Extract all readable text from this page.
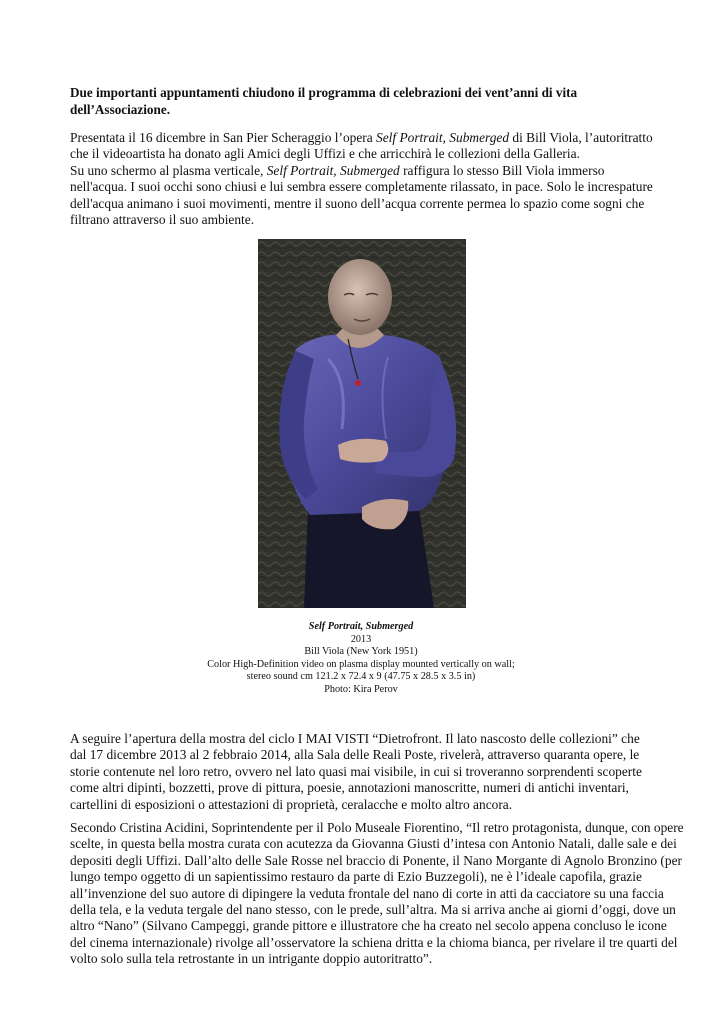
Due importanti appuntamenti chiudono il programma di celebrazioni dei vent’anni di vita
dell’Associazione.
Presentata il 16 dicembre in San Pier Scheraggio l’opera Self Portrait, Submerged di Bill Viola, l’autoritratto
che il videoartista ha donato agli Amici degli Uffizi e che arricchirà le collezioni della Galleria.
Su uno schermo al plasma verticale, Self Portrait, Submerged raffigura lo stesso Bill Viola immerso
nell'acqua. I suoi occhi sono chiusi e lui sembra essere completamente rilassato, in pace. Solo le increspature
dell'acqua animano i suoi movimenti, mentre il suono dell’acqua corrente permea lo spazio come sogni che
filtrano attraverso il suo ambiente.
A seguire l’apertura della mostra del ciclo I MAI VISTI “Dietrofront. Il lato nascosto delle collezioni” che
dal 17 dicembre 2013 al 2 febbraio 2014, alla Sala delle Reali Poste, rivelerà, attraverso quaranta opere, le
storie contenute nel loro retro, ovvero nel lato quasi mai visibile, in cui si troveranno sorprendenti scoperte
come altri dipinti, bozzetti, prove di pittura, poesie, annotazioni manoscritte, numeri di antichi inventari,
cartellini di esposizioni o attestazioni di proprietà, ceralacche e molto altro ancora.
Secondo Cristina Acidini, Soprintendente per il Polo Museale Fiorentino, “Il retro protagonista, dunque, con opere
scelte, in questa bella mostra curata con acutezza da Giovanna Giusti d’intesa con Antonio Natali, dalle sale e dei
depositi degli Uffizi. Dall’alto delle Sale Rosse nel braccio di Ponente, il Nano Morgante di Agnolo Bronzino (per
lungo tempo oggetto di un sapientissimo restauro da parte di Ezio Buzzegoli), ne è l’ideale capofila, grazie
all’invenzione del suo autore di dipingere la veduta frontale del nano di corte in atti da cacciatore su una faccia
della tela, e la veduta tergale del nano stesso, con le prede, sull’altra. Ma si arriva anche ai giorni d’oggi, dove un
altro “Nano” (Silvano Campeggi, grande pittore e illustratore che ha creato nel secolo appena concluso le icone
del cinema internazionale) rivolge all’osservatore la schiena dritta e la chioma bianca, per rivelare il tre quarti del
volto solo sulla tela retrostante in un intrigante doppio autoritratto”.
Self Portrait, Submerged
2013
Bill Viola (New York 1951)
Color High-Definition video on plasma display mounted vertically on wall;
stereo sound cm 121.2 x 72.4 x 9 (47.75 x 28.5 x 3.5 in)
Photo: Kira Perov
